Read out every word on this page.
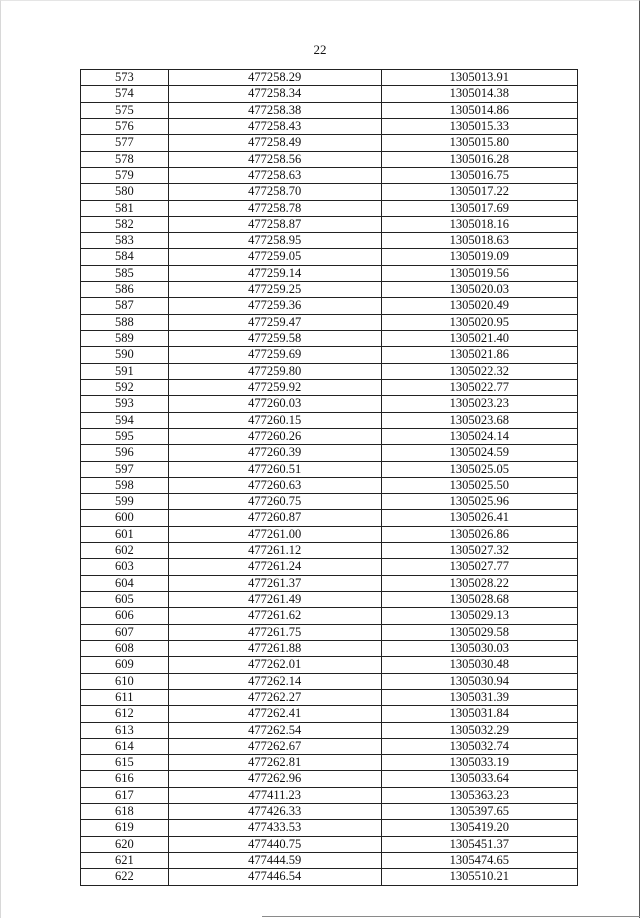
22
573	477258.29	1305013.91
574	477258.34	1305014.38
575	477258.38	1305014.86
576	477258.43	1305015.33
577	477258.49	1305015.80
578	477258.56	1305016.28
579	477258.63	1305016.75
580	477258.70	1305017.22
581	477258.78	1305017.69
582	477258.87	1305018.16
583	477258.95	1305018.63
584	477259.05	1305019.09
585	477259.14	1305019.56
586	477259.25	1305020.03
587	477259.36	1305020.49
588	477259.47	1305020.95
589	477259.58	1305021.40
590	477259.69	1305021.86
591	477259.80	1305022.32
592	477259.92	1305022.77
593	477260.03	1305023.23
594	477260.15	1305023.68
595	477260.26	1305024.14
596	477260.39	1305024.59
597	477260.51	1305025.05
598	477260.63	1305025.50
599	477260.75	1305025.96
600	477260.87	1305026.41
601	477261.00	1305026.86
602	477261.12	1305027.32
603	477261.24	1305027.77
604	477261.37	1305028.22
605	477261.49	1305028.68
606	477261.62	1305029.13
607	477261.75	1305029.58
608	477261.88	1305030.03
609	477262.01	1305030.48
610	477262.14	1305030.94
611	477262.27	1305031.39
612	477262.41	1305031.84
613	477262.54	1305032.29
614	477262.67	1305032.74
615	477262.81	1305033.19
616	477262.96	1305033.64
617	477411.23	1305363.23
618	477426.33	1305397.65
619	477433.53	1305419.20
620	477440.75	1305451.37
621	477444.59	1305474.65
622	477446.54	1305510.21
